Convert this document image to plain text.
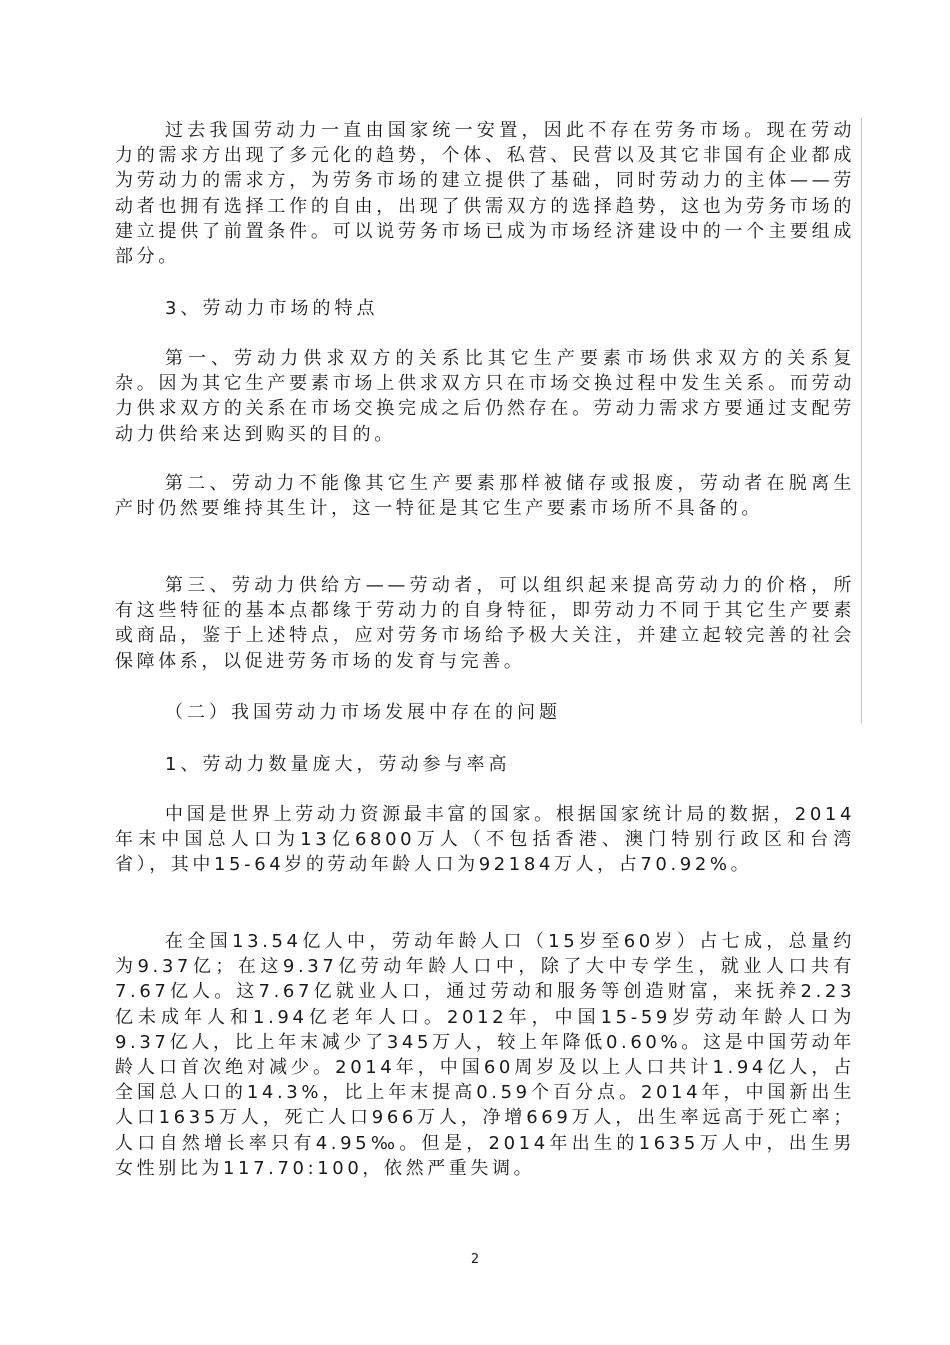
过去我国劳动力一直由国家统一安置，因此不存在劳务市场。现在劳动力的需求方出现了多元化的趋势，个体、私营、民营以及其它非国有企业都成为劳动力的需求方，为劳务市场的建立提供了基础，同时劳动力的主体——劳动者也拥有选择工作的自由，出现了供需双方的选择趋势，这也为劳务市场的建立提供了前置条件。可以说劳务市场已成为市场经济建设中的一个主要组成部分。

3、劳动力市场的特点

第一、劳动力供求双方的关系比其它生产要素市场供求双方的关系复杂。因为其它生产要素市场上供求双方只在市场交换过程中发生关系。而劳动力供求双方的关系在市场交换完成之后仍然存在。劳动力需求方要通过支配劳动力供给来达到购买的目的。

第二、劳动力不能像其它生产要素那样被储存或报废，劳动者在脱离生产时仍然要维持其生计，这一特征是其它生产要素市场所不具备的。

第三、劳动力供给方——劳动者，可以组织起来提高劳动力的价格，所有这些特征的基本点都缘于劳动力的自身特征，即劳动力不同于其它生产要素或商品，鉴于上述特点，应对劳务市场给予极大关注，并建立起较完善的社会保障体系，以促进劳务市场的发育与完善。

（二）我国劳动力市场发展中存在的问题

1、劳动力数量庞大，劳动参与率高

中国是世界上劳动力资源最丰富的国家。根据国家统计局的数据，2014年末中国总人口为13亿6800万人（不包括香港、澳门特别行政区和台湾省），其中15-64岁的劳动年龄人口为92184万人，占70.92%。

在全国13.54亿人中，劳动年龄人口（15岁至60岁）占七成，总量约为9.37亿；在这9.37亿劳动年龄人口中，除了大中专学生，就业人口共有7.67亿人。这7.67亿就业人口，通过劳动和服务等创造财富，来抚养2.23亿未成年人和1.94亿老年人口。2012年，中国15-59岁劳动年龄人口为9.37亿人，比上年末减少了345万人，较上年降低0.60%。这是中国劳动年龄人口首次绝对减少。2014年，中国60周岁及以上人口共计1.94亿人，占全国总人口的14.3%，比上年末提高0.59个百分点。2014年，中国新出生人口1635万人，死亡人口966万人，净增669万人，出生率远高于死亡率；人口自然增长率只有4.95‰。但是，2014年出生的1635万人中，出生男女性别比为117.70:100，依然严重失调。

2
